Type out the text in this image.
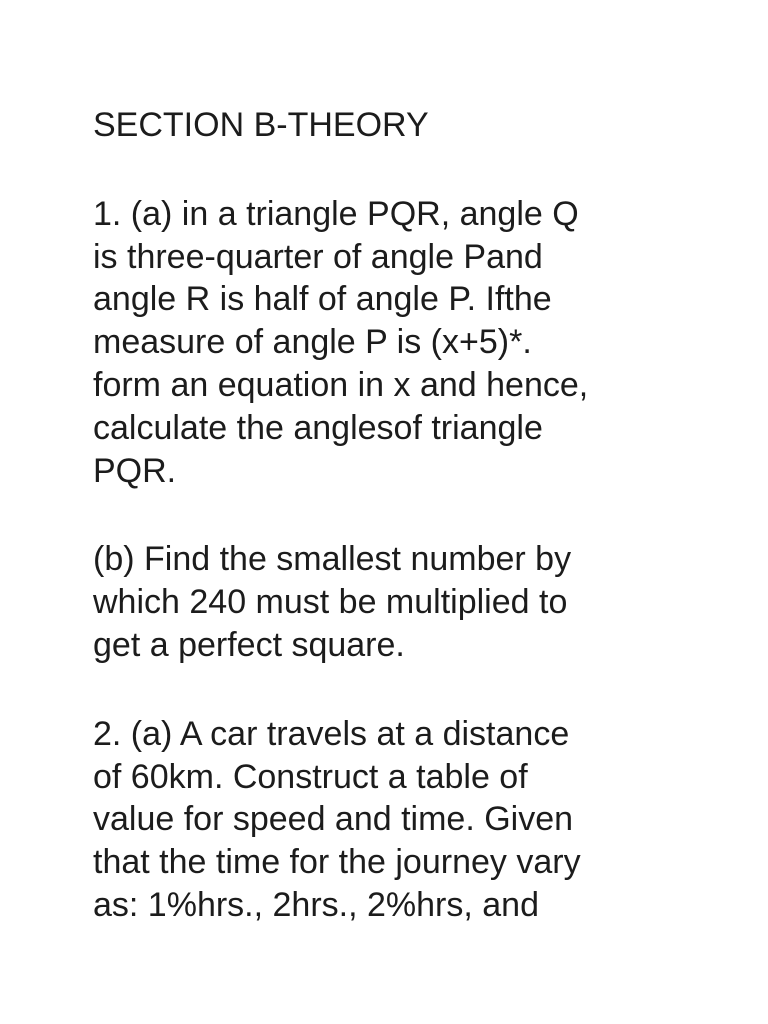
SECTION B-THEORY
1. (a) in a triangle PQR, angle Q
is three-quarter of angle Pand
angle R is half of angle P. Ifthe
measure of angle P is (x+5)*.
form an equation in x and hence,
calculate the anglesof triangle
PQR.
(b) Find the smallest number by
which 240 must be multiplied to
get a perfect square.
2. (a) A car travels at a distance
of 60km. Construct a table of
value for speed and time. Given
that the time for the journey vary
as: 1%hrs., 2hrs., 2%hrs, and
